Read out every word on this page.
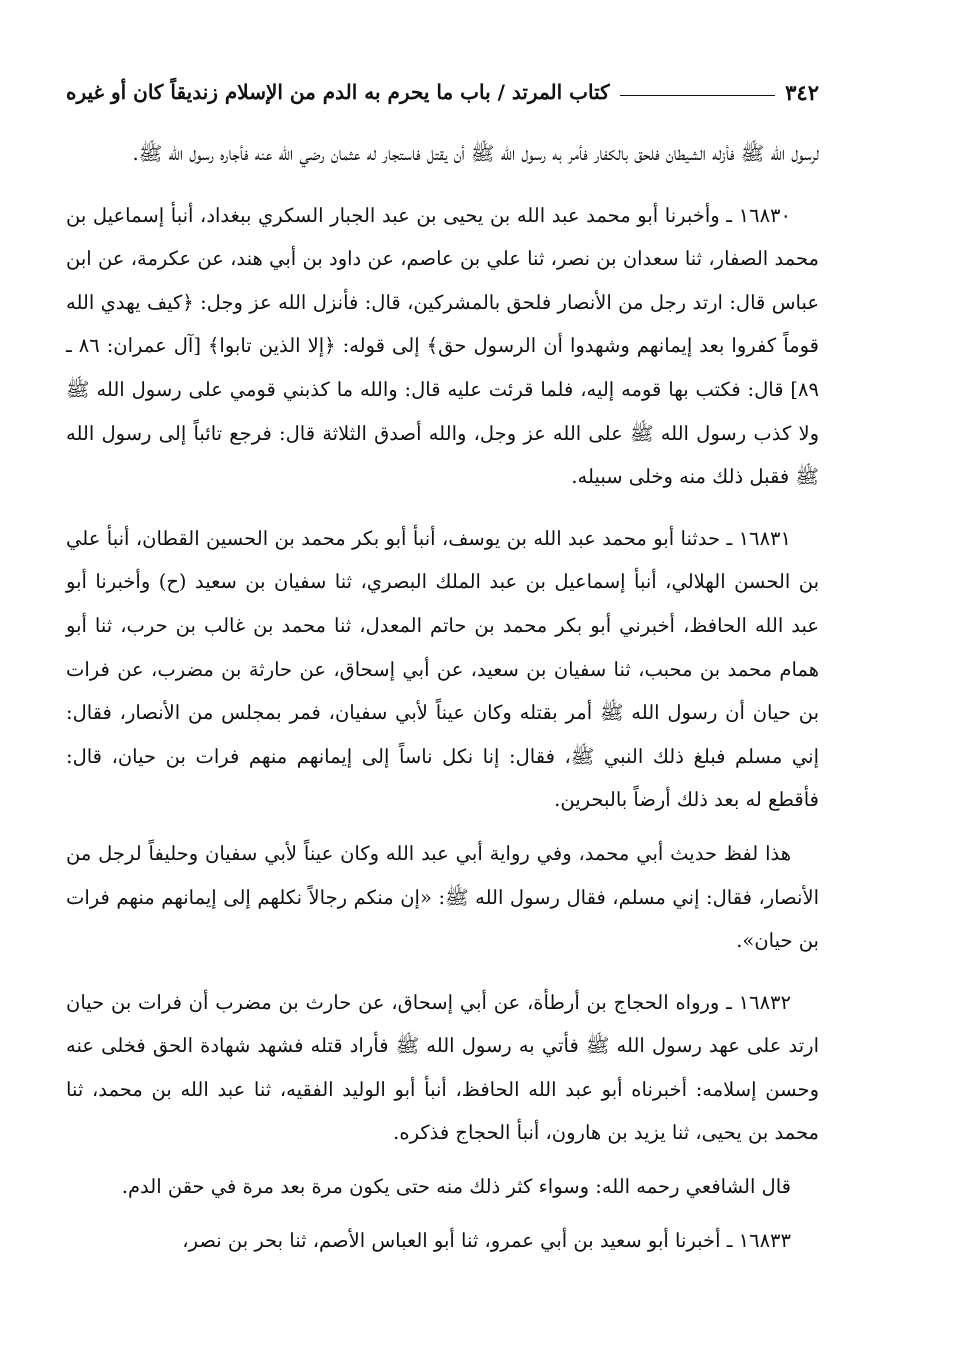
٣٤٢
كتاب المرتد / باب ما يحرم به الدم من الإسلام زنديقاً كان أو غيره

لرسول الله ﷺ فأزله الشيطان فلحق بالكفار فأمر به رسول الله ﷺ أن يقتل فاستجار له عثمان رضي الله عنه فأجاره رسول الله ﷺ.

١٦٨٣٠ ـ وأخبرنا أبو محمد عبد الله بن يحيى بن عبد الجبار السكري ببغداد، أنبأ إسماعيل بن محمد الصفار، ثنا سعدان بن نصر، ثنا علي بن عاصم، عن داود بن أبي هند، عن عكرمة، عن ابن عباس قال: ارتد رجل من الأنصار فلحق بالمشركين، قال: فأنزل الله عز وجل: ﴿كيف يهدي الله قوماً كفروا بعد إيمانهم وشهدوا أن الرسول حق﴾ إلى قوله: ﴿إلا الذين تابوا﴾ [آل عمران: ٨٦ ـ ٨٩] قال: فكتب بها قومه إليه، فلما قرئت عليه قال: والله ما كذبني قومي على رسول الله ﷺ ولا كذب رسول الله ﷺ على الله عز وجل، والله أصدق الثلاثة قال: فرجع تائباً إلى رسول الله ﷺ فقبل ذلك منه وخلى سبيله.

١٦٨٣١ ـ حدثنا أبو محمد عبد الله بن يوسف، أنبأ أبو بكر محمد بن الحسين القطان، أنبأ علي بن الحسن الهلالي، أنبأ إسماعيل بن عبد الملك البصري، ثنا سفيان بن سعيد (ح) وأخبرنا أبو عبد الله الحافظ، أخبرني أبو بكر محمد بن حاتم المعدل، ثنا محمد بن غالب بن حرب، ثنا أبو همام محمد بن محبب، ثنا سفيان بن سعيد، عن أبي إسحاق، عن حارثة بن مضرب، عن فرات بن حيان أن رسول الله ﷺ أمر بقتله وكان عيناً لأبي سفيان، فمر بمجلس من الأنصار، فقال: إني مسلم فبلغ ذلك النبي ﷺ، فقال: إنا نكل ناساً إلى إيمانهم منهم فرات بن حيان، قال: فأقطع له بعد ذلك أرضاً بالبحرين.

هذا لفظ حديث أبي محمد، وفي رواية أبي عبد الله وكان عيناً لأبي سفيان وحليفاً لرجل من الأنصار، فقال: إني مسلم، فقال رسول الله ﷺ: «إن منكم رجالاً نكلهم إلى إيمانهم منهم فرات بن حيان».

١٦٨٣٢ ـ ورواه الحجاج بن أرطأة، عن أبي إسحاق، عن حارث بن مضرب أن فرات بن حيان ارتد على عهد رسول الله ﷺ فأتي به رسول الله ﷺ فأراد قتله فشهد شهادة الحق فخلى عنه وحسن إسلامه: أخبرناه أبو عبد الله الحافظ، أنبأ أبو الوليد الفقيه، ثنا عبد الله بن محمد، ثنا محمد بن يحيى، ثنا يزيد بن هارون، أنبأ الحجاج فذكره.

قال الشافعي رحمه الله: وسواء كثر ذلك منه حتى يكون مرة بعد مرة في حقن الدم.

١٦٨٣٣ ـ أخبرنا أبو سعيد بن أبي عمرو، ثنا أبو العباس الأصم، ثنا بحر بن نصر،
